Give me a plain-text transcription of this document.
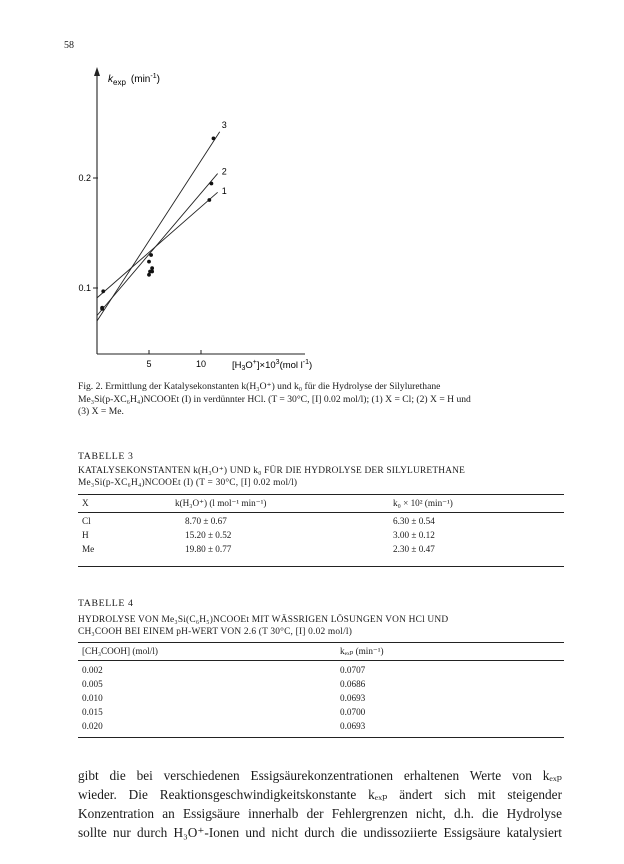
58
0.1
0.2
5	10
3
2
1
$k_{exp}$ $(\min^{-1})$
$[H_3O^+]\times 10^3(mol$ $l^{-1}$)
Fig. 2. Ermittlung der Katalysekonstanten k(H₃O⁺) und k₀ für die Hydrolyse der Silylurethane
Me₃Si(p-XC₆H₄)NCOOEt (I) in verdünnter HCl. (T = 30°C, [I] 0.02 mol/l); (1) X = Cl; (2) X = H und
(3) X = Me.
TABELLE 3
KATALYSEKONSTANTEN k(H₃O⁺) UND k₀ FÜR DIE HYDROLYSE DER SILYLURETHANE
Me₃Si(p-XC₆H₄)NCOOEt (I) (T = 30°C, [I] 0.02 mol/l)
X	k(H₃O⁺) (l mol⁻¹ min⁻¹)	k₀ × 10² (min⁻¹)
Cl	8.70 ± 0.67	6.30 ± 0.54
H	15.20 ± 0.52	3.00 ± 0.12
Me	19.80 ± 0.77	2.30 ± 0.47
TABELLE 4
HYDROLYSE VON Me₃Si(C₆H₅)NCOOEt MIT WÄSSRIGEN LÖSUNGEN VON HCl UND
CH₃COOH BEI EINEM pH-WERT VON 2.6 (T 30°C, [I] 0.02 mol/l)
[CH₃COOH] (mol/l)	kₑₓₚ (min⁻¹)
0.002	0.0707
0.005	0.0686
0.010	0.0693
0.015	0.0700
0.020	0.0693
gibt die bei verschiedenen Essigsäurekonzentrationen erhaltenen Werte von kₑₓₚ
wieder. Die Reaktionsgeschwindigkeitskonstante kₑₓₚ ändert sich mit steigender
Konzentration an Essigsäure innerhalb der Fehlergrenzen nicht, d.h. die Hydrolyse
sollte nur durch H₃O⁺-Ionen und nicht durch die undissoziierte Essigsäure katalysiert
